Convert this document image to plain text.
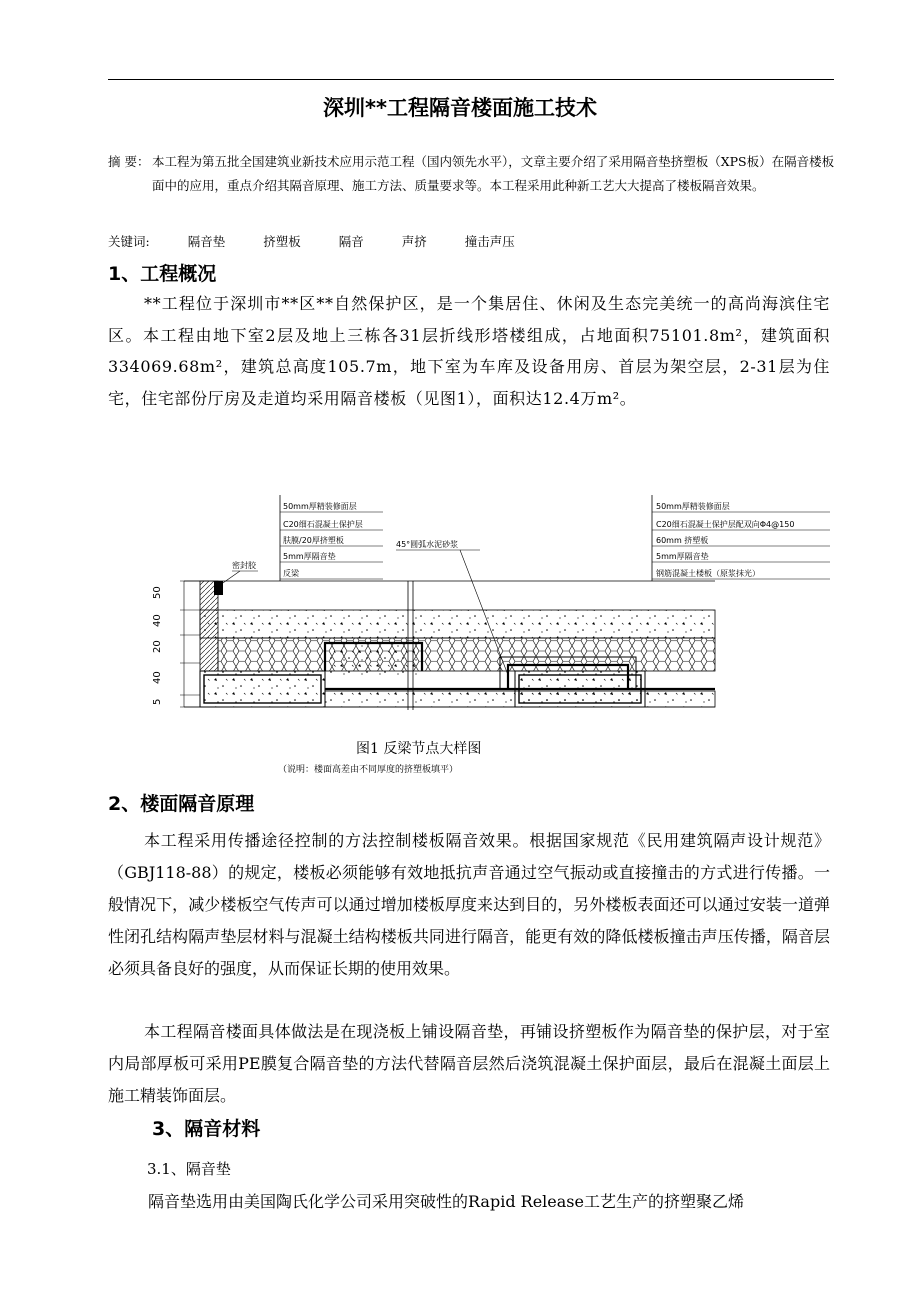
深圳**工程隔音楼面施工技术
摘 要： 本工程为第五批全国建筑业新技术应用示范工程（国内领先水平），文章主要介绍了采用隔音垫挤塑板（XPS板）在隔音楼板面中的应用，重点介绍其隔音原理、施工方法、质量要求等。本工程采用此种新工艺大大提高了楼板隔音效果。
关键词:	隔音垫	挤塑板	隔音	声挤	撞击声压
1、工程概况
**工程位于深圳市**区**自然保护区，是一个集居住、休闲及生态完美统一的高尚海滨住宅区。本工程由地下室2层及地上三栋各31层折线形塔楼组成，占地面积75101.8m²，建筑面积334069.68m²，建筑总高度105.7m，地下室为车库及设备用房、首层为架空层，2-31层为住宅，住宅部份厅房及走道均采用隔音楼板（见图1），面积达12.4万m²。
50mm厚精装修面层
C20细石混凝土保护层
肤膜/20厚挤塑板
5mm厚隔音垫
反梁
50mm厚精装修面层
C20细石混凝土保护层配双向Φ4@150
60mm 挤塑板
5mm厚隔音垫
钢筋混凝土楼板（原浆抹光）
45°圆弧水泥砂浆
密封胶
50
40
20
40
5
图1 反梁节点大样图
（说明：楼面高差由不同厚度的挤塑板填平）
2、楼面隔音原理
本工程采用传播途径控制的方法控制楼板隔音效果。根据国家规范《民用建筑隔声设计规范》（GBJ118-88）的规定，楼板必须能够有效地抵抗声音通过空气振动或直接撞击的方式进行传播。一般情况下，减少楼板空气传声可以通过增加楼板厚度来达到目的，另外楼板表面还可以通过安装一道弹性闭孔结构隔声垫层材料与混凝土结构楼板共同进行隔音，能更有效的降低楼板撞击声压传播，隔音层必须具备良好的强度，从而保证长期的使用效果。
本工程隔音楼面具体做法是在现浇板上铺设隔音垫，再铺设挤塑板作为隔音垫的保护层，对于室内局部厚板可采用PE膜复合隔音垫的方法代替隔音层然后浇筑混凝土保护面层，最后在混凝土面层上施工精装饰面层。
3、隔音材料
3.1、隔音垫
隔音垫选用由美国陶氏化学公司采用突破性的Rapid Release工艺生产的挤塑聚乙烯
